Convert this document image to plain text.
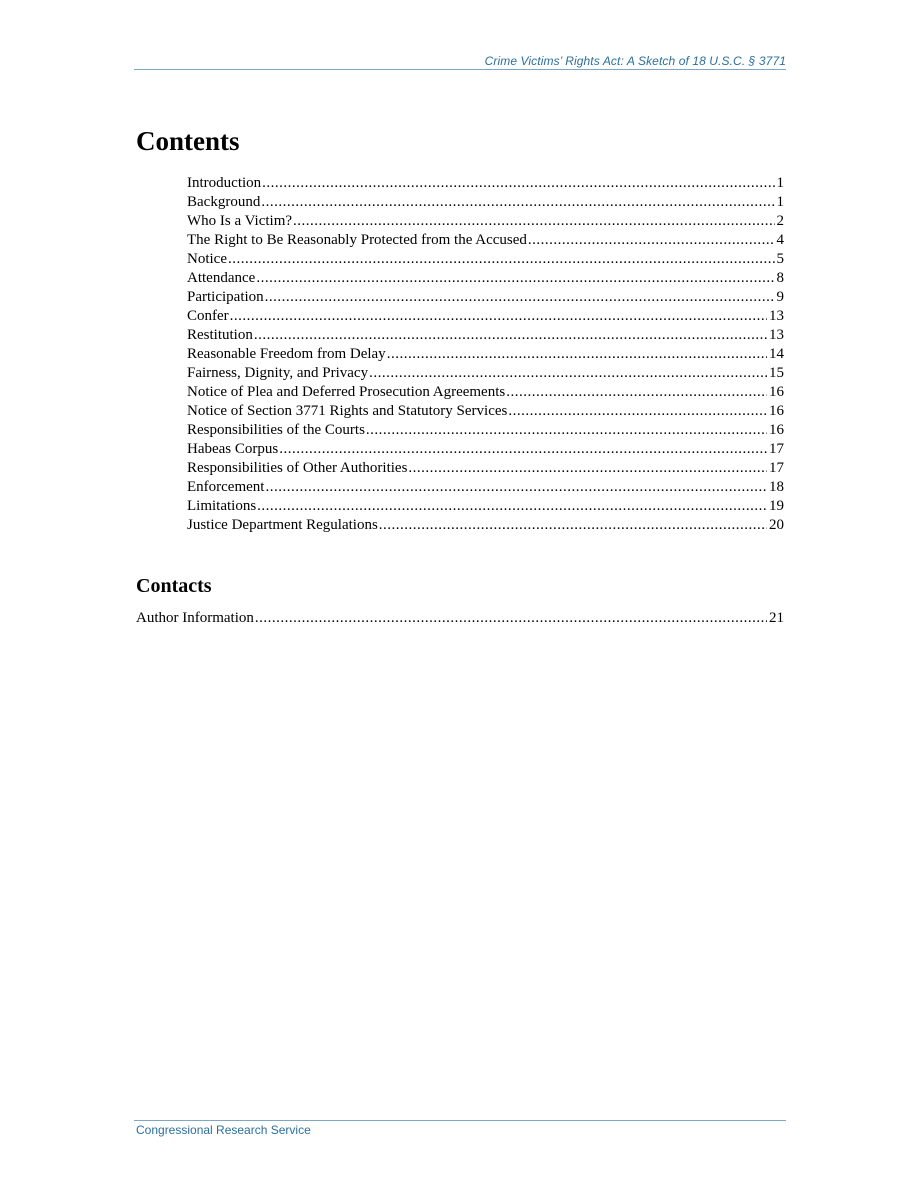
Crime Victims’ Rights Act: A Sketch of 18 U.S.C. § 3771
Contents
Introduction .....	1
Background .....	1
Who Is a Victim? .....	2
The Right to Be Reasonably Protected from the Accused .....	4
Notice .....	5
Attendance .....	8
Participation .....	9
Confer .....	13
Restitution .....	13
Reasonable Freedom from Delay .....	14
Fairness, Dignity, and Privacy .....	15
Notice of Plea and Deferred Prosecution Agreements .....	16
Notice of Section 3771 Rights and Statutory Services .....	16
Responsibilities of the Courts .....	16
Habeas Corpus .....	17
Responsibilities of Other Authorities .....	17
Enforcement .....	18
Limitations .....	19
Justice Department Regulations .....	20
Contacts
Author Information .....	21
Congressional Research Service
